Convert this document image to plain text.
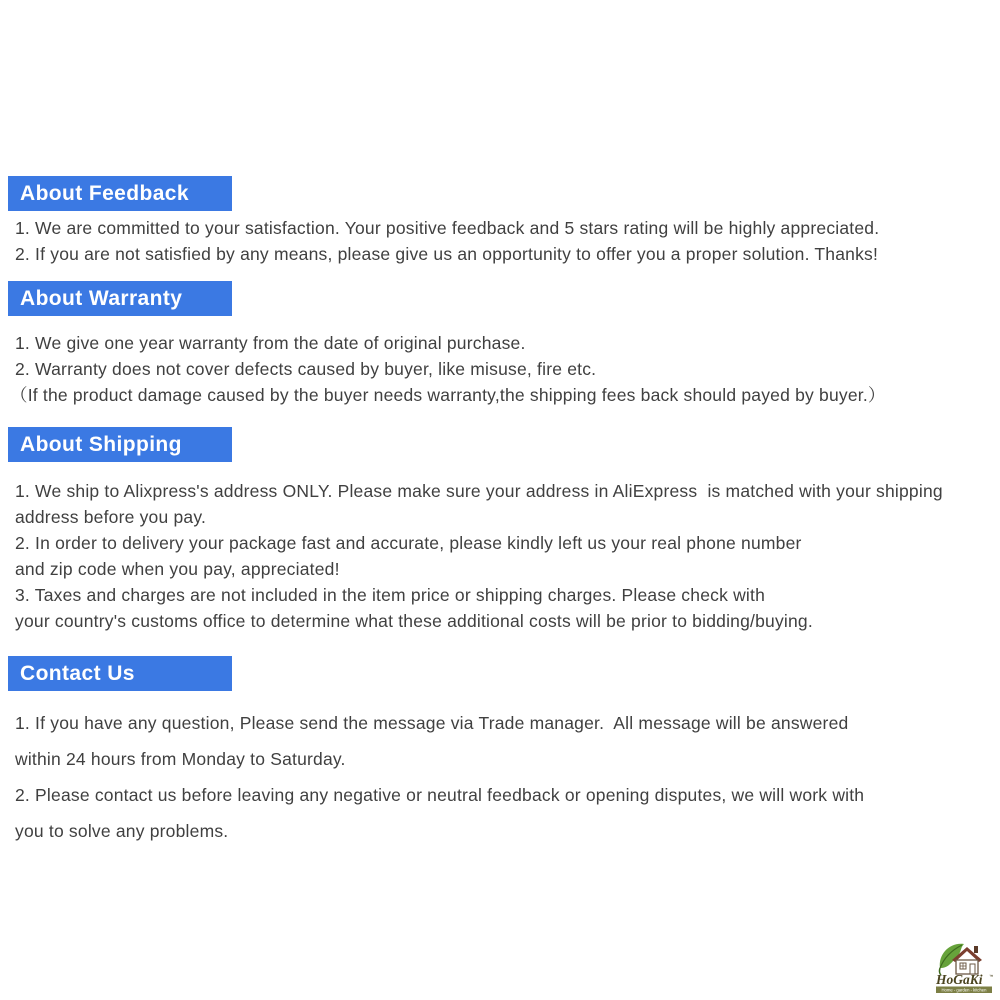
About Feedback
1. We are committed to your satisfaction. Your positive feedback and 5 stars rating will be highly appreciated.
2. If you are not satisfied by any means, please give us an opportunity to offer you a proper solution. Thanks!
About Warranty
1. We give one year warranty from the date of original purchase.
2. Warranty does not cover defects caused by buyer, like misuse, fire etc.
（If the product damage caused by the buyer needs warranty,the shipping fees back should payed by buyer.）
About Shipping
1. We ship to Alixpress's address ONLY. Please make sure your address in AliExpress  is matched with your shipping
address before you pay.
2. In order to delivery your package fast and accurate, please kindly left us your real phone number
and zip code when you pay, appreciated!
3. Taxes and charges are not included in the item price or shipping charges. Please check with
your country's customs office to determine what these additional costs will be prior to bidding/buying.
Contact Us
1. If you have any question, Please send the message via Trade manager.  All message will be answered
within 24 hours from Monday to Saturday.
2. Please contact us before leaving any negative or neutral feedback or opening disputes, we will work with
you to solve any problems.
HoGaKi ™
Home - garden - kitchen
